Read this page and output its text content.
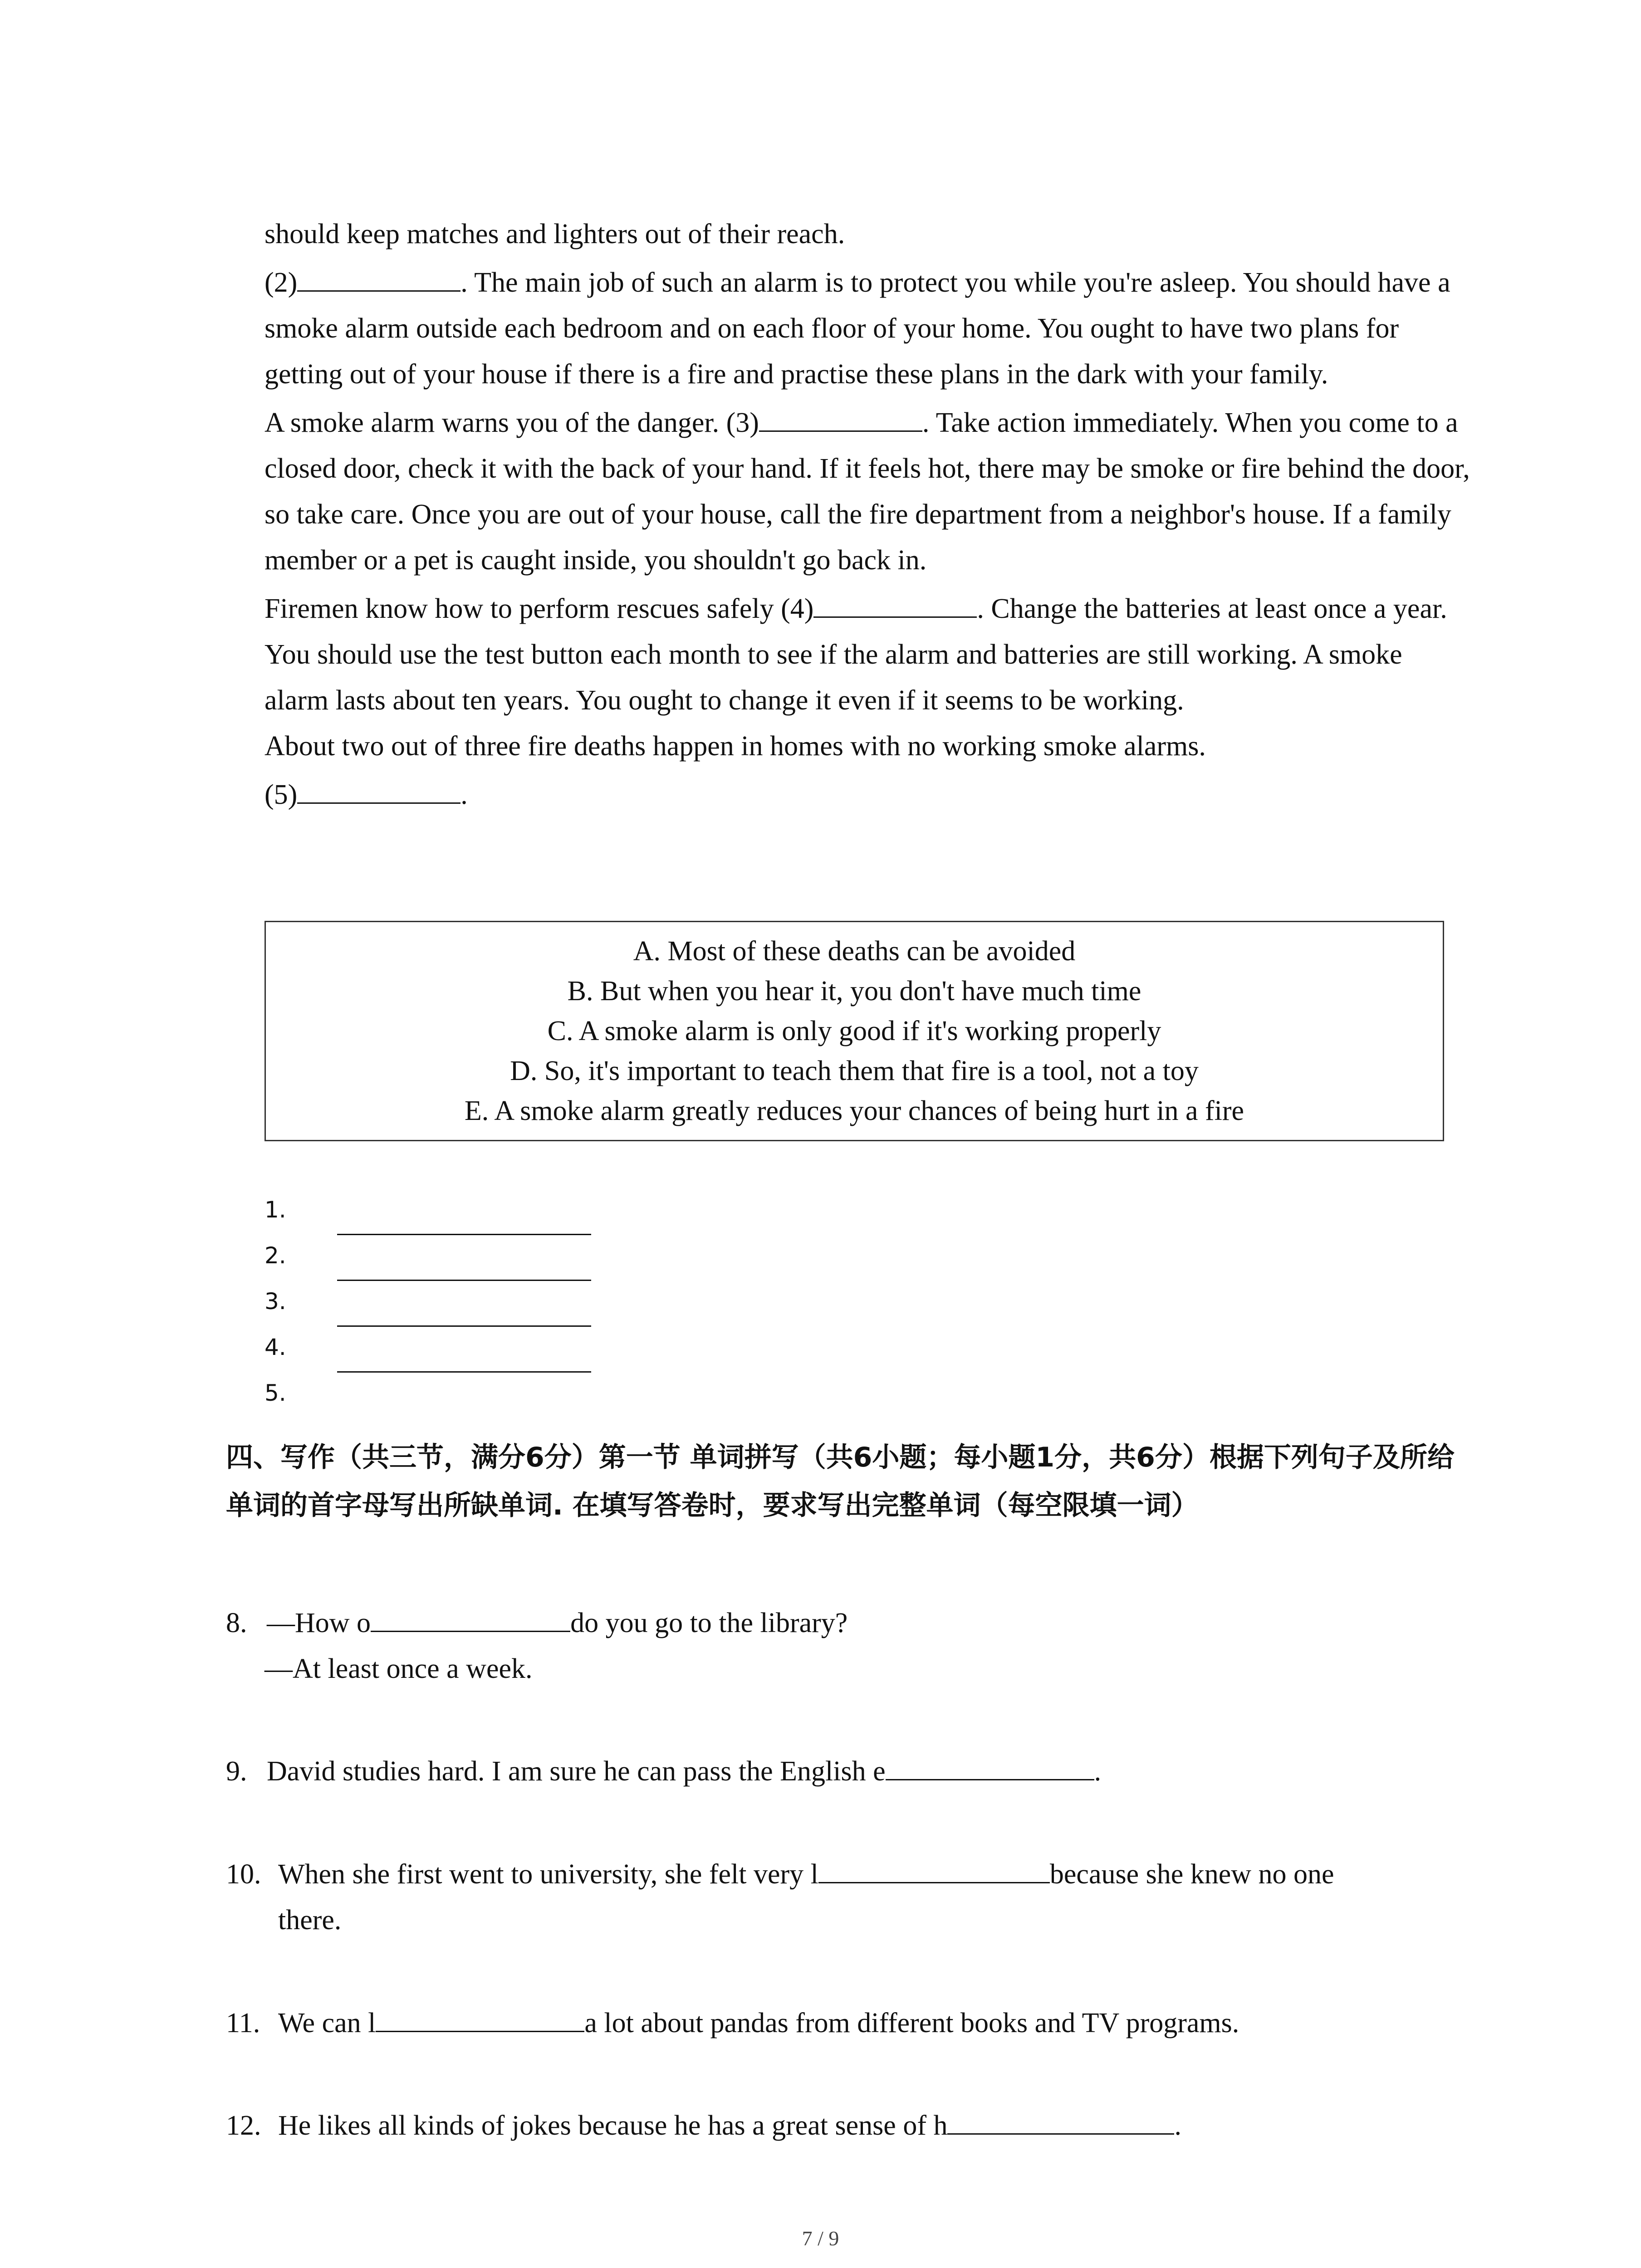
should keep matches and lighters out of their reach.

(2)	. The main job of such an alarm is to protect you while you're asleep. You should have a smoke alarm outside each bedroom and on each floor of your home. You ought to have two plans for getting out of your house if there is a fire and practise these plans in the dark with your family.

A smoke alarm warns you of the danger. (3)	. Take action immediately. When you come to a closed door, check it with the back of your hand. If it feels hot, there may be smoke or fire behind the door, so take care. Once you are out of your house, call the fire department from a neighbor's house. If a family member or a pet is caught inside, you shouldn't go back in.

Firemen know how to perform rescues safely (4)	. Change the batteries at least once a year. You should use the test button each month to see if the alarm and batteries are still working. A smoke alarm lasts about ten years. You ought to change it even if it seems to be working.

About two out of three fire deaths happen in homes with no working smoke alarms.

(5)	.

A. Most of these deaths can be avoided
B. But when you hear it, you don't have much time
C. A smoke alarm is only good if it's working properly
D. So, it's important to teach them that fire is a tool, not a toy
E. A smoke alarm greatly reduces your chances of being hurt in a fire
1.
2.
3.
4.
5.
四、写作（共三节，满分6分）第一节 单词拼写（共6小题；每小题1分，共6分）根据下列句子及所给单词的首字母写出所缺单词. 在填写答卷时，要求写出完整单词（每空限填一词）
8. —How o	do you go to the library?
—At least once a week.
9. David studies hard. I am sure he can pass the English e	.
10. When she first went to university, she felt very l	because she knew no one
there.
11. We can l	a lot about pandas from different books and TV programs.
12. He likes all kinds of jokes because he has a great sense of h	.
7 / 9
